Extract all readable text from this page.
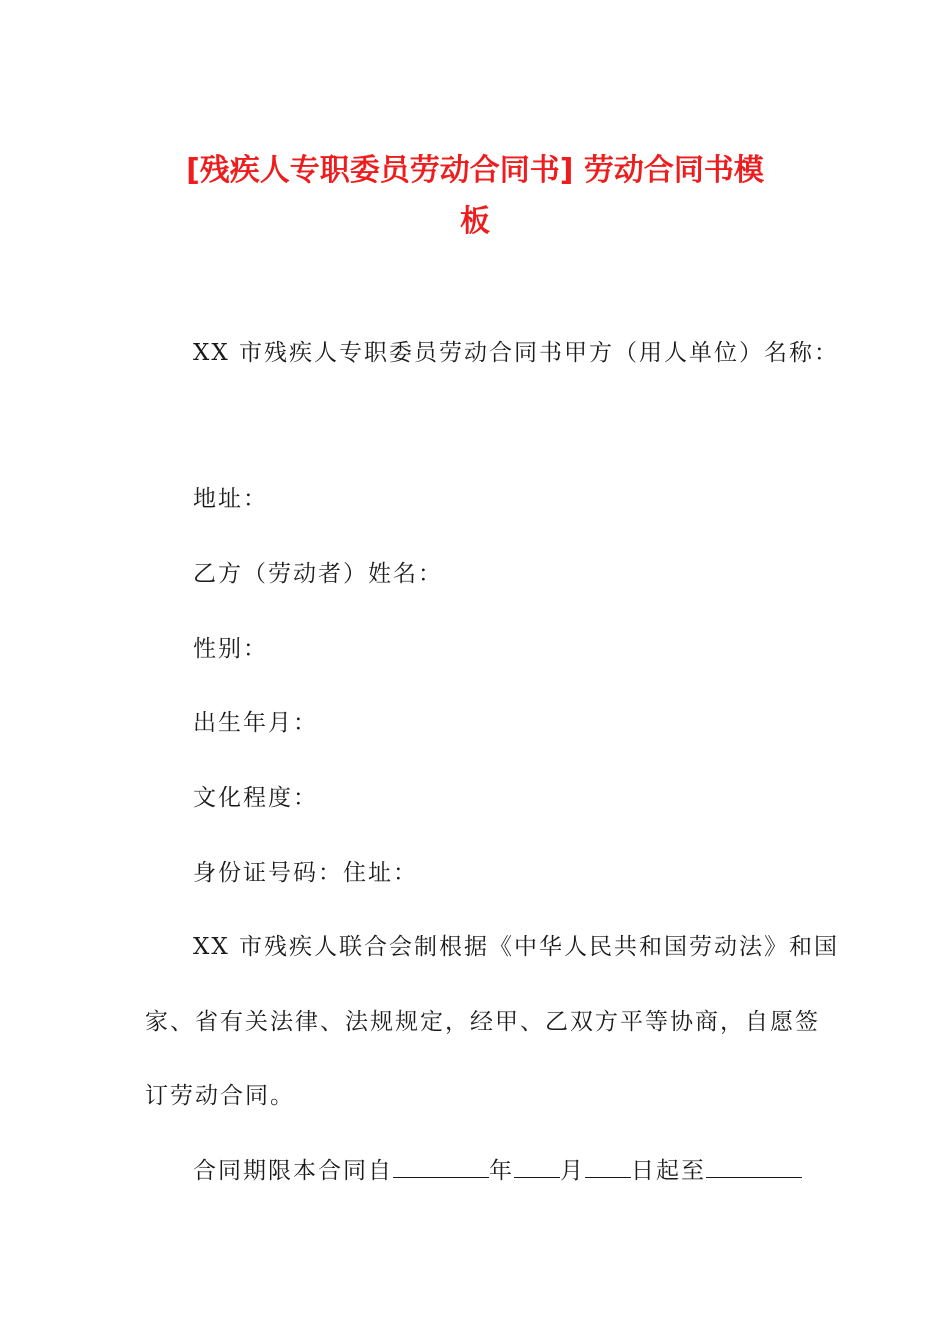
[残疾人专职委员劳动合同书] 劳动合同书模
板

XX 市残疾人专职委员劳动合同书甲方（用人单位）名称：

地址：

乙方（劳动者）姓名：

性别：

出生年月：

文化程度：

身份证号码：住址：

XX 市残疾人联合会制根据《中华人民共和国劳动法》和国

家、省有关法律、法规规定，经甲、乙双方平等协商，自愿签

订劳动合同。

合同期限本合同自	年 月 日起至
